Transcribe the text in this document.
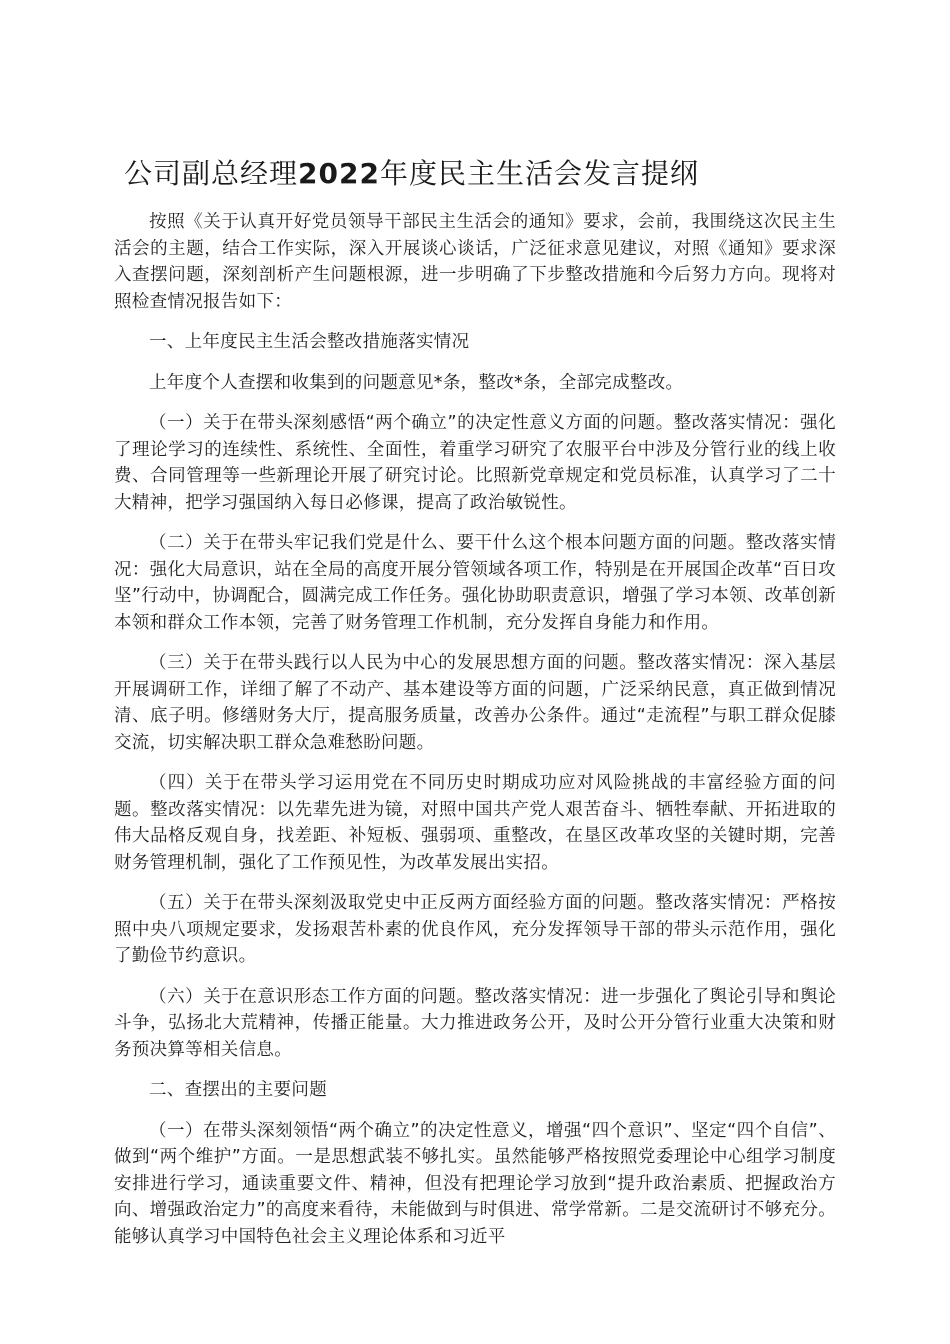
公司副总经理2022年度民主生活会发言提纲

按照《关于认真开好党员领导干部民主生活会的通知》要求，会前，我围绕这次民主生活会的主题，结合工作实际，深入开展谈心谈话，广泛征求意见建议，对照《通知》要求深入查摆问题，深刻剖析产生问题根源，进一步明确了下步整改措施和今后努力方向。现将对照检查情况报告如下：

一、上年度民主生活会整改措施落实情况

上年度个人查摆和收集到的问题意见*条，整改*条，全部完成整改。

（一）关于在带头深刻感悟“两个确立”的决定性意义方面的问题。整改落实情况：强化了理论学习的连续性、系统性、全面性，着重学习研究了农服平台中涉及分管行业的线上收费、合同管理等一些新理论开展了研究讨论。比照新党章规定和党员标准，认真学习了二十大精神，把学习强国纳入每日必修课，提高了政治敏锐性。

（二）关于在带头牢记我们党是什么、要干什么这个根本问题方面的问题。整改落实情况：强化大局意识，站在全局的高度开展分管领域各项工作，特别是在开展国企改革“百日攻坚”行动中，协调配合，圆满完成工作任务。强化协助职责意识，增强了学习本领、改革创新本领和群众工作本领，完善了财务管理工作机制，充分发挥自身能力和作用。

（三）关于在带头践行以人民为中心的发展思想方面的问题。整改落实情况：深入基层开展调研工作，详细了解了不动产、基本建设等方面的问题，广泛采纳民意，真正做到情况清、底子明。修缮财务大厅，提高服务质量，改善办公条件。通过“走流程”与职工群众促膝交流，切实解决职工群众急难愁盼问题。

（四）关于在带头学习运用党在不同历史时期成功应对风险挑战的丰富经验方面的问题。整改落实情况：以先辈先进为镜，对照中国共产党人艰苦奋斗、牺牲奉献、开拓进取的伟大品格反观自身，找差距、补短板、强弱项、重整改，在垦区改革攻坚的关键时期，完善财务管理机制，强化了工作预见性，为改革发展出实招。

（五）关于在带头深刻汲取党史中正反两方面经验方面的问题。整改落实情况：严格按照中央八项规定要求，发扬艰苦朴素的优良作风，充分发挥领导干部的带头示范作用，强化了勤俭节约意识。

（六）关于在意识形态工作方面的问题。整改落实情况：进一步强化了舆论引导和舆论斗争，弘扬北大荒精神，传播正能量。大力推进政务公开，及时公开分管行业重大决策和财务预决算等相关信息。

二、查摆出的主要问题

（一）在带头深刻领悟“两个确立”的决定性意义，增强“四个意识”、坚定“四个自信”、做到“两个维护”方面。一是思想武装不够扎实。虽然能够严格按照党委理论中心组学习制度安排进行学习，通读重要文件、精神，但没有把理论学习放到“提升政治素质、把握政治方向、增强政治定力”的高度来看待，未能做到与时俱进、常学常新。二是交流研讨不够充分。能够认真学习中国特色社会主义理论体系和习近平
